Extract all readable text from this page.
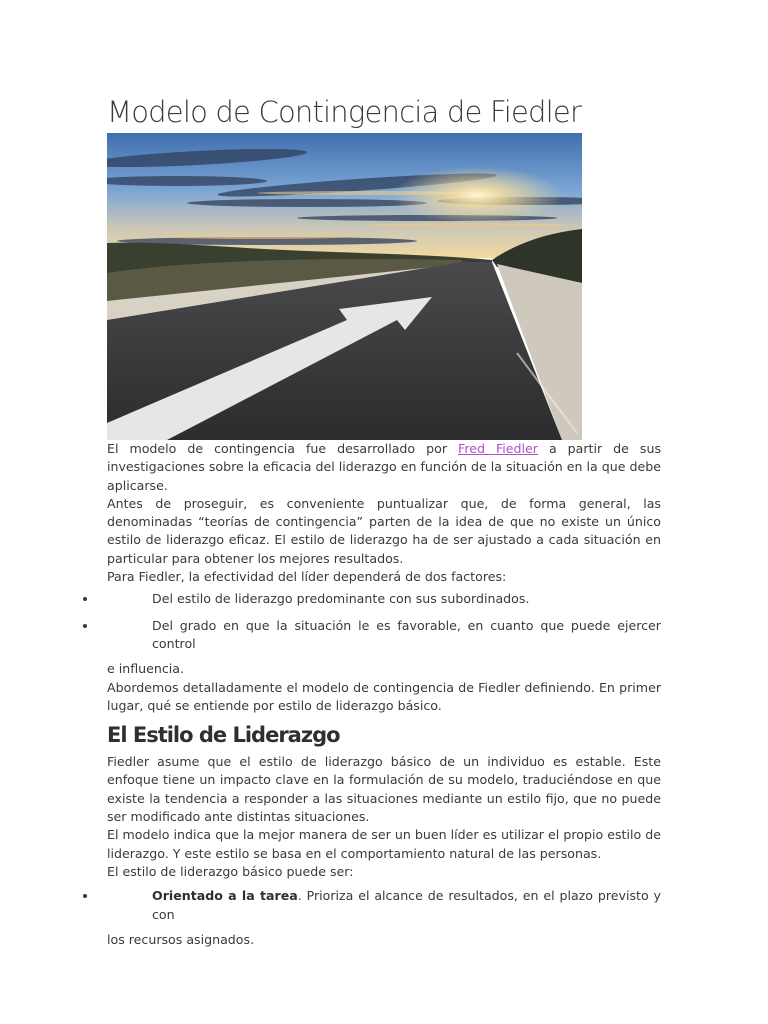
Modelo de Contingencia de Fiedler

El modelo de contingencia fue desarrollado por Fred Fiedler a partir de sus investigaciones sobre la eficacia del liderazgo en función de la situación en la que debe aplicarse.

Antes de proseguir, es conveniente puntualizar que, de forma general, las denominadas “teorías de contingencia” parten de la idea de que no existe un único estilo de liderazgo eficaz. El estilo de liderazgo ha de ser ajustado a cada situación en particular para obtener los mejores resultados.

Para Fiedler, la efectividad del líder dependerá de dos factores:

Del estilo de liderazgo predominante con sus subordinados.
Del grado en que la situación le es favorable, en cuanto que puede ejercer control
e influencia.

Abordemos detalladamente el modelo de contingencia de Fiedler definiendo. En primer lugar, qué se entiende por estilo de liderazgo básico.

El Estilo de Liderazgo

Fiedler asume que el estilo de liderazgo básico de un individuo es estable. Este enfoque tiene un impacto clave en la formulación de su modelo, traduciéndose en que existe la tendencia a responder a las situaciones mediante un estilo fijo, que no puede ser modificado ante distintas situaciones.

El modelo indica que la mejor manera de ser un buen líder es utilizar el propio estilo de liderazgo. Y este estilo se basa en el comportamiento natural de las personas.

El estilo de liderazgo básico puede ser:

Orientado a la tarea. Prioriza el alcance de resultados, en el plazo previsto y con
los recursos asignados.
